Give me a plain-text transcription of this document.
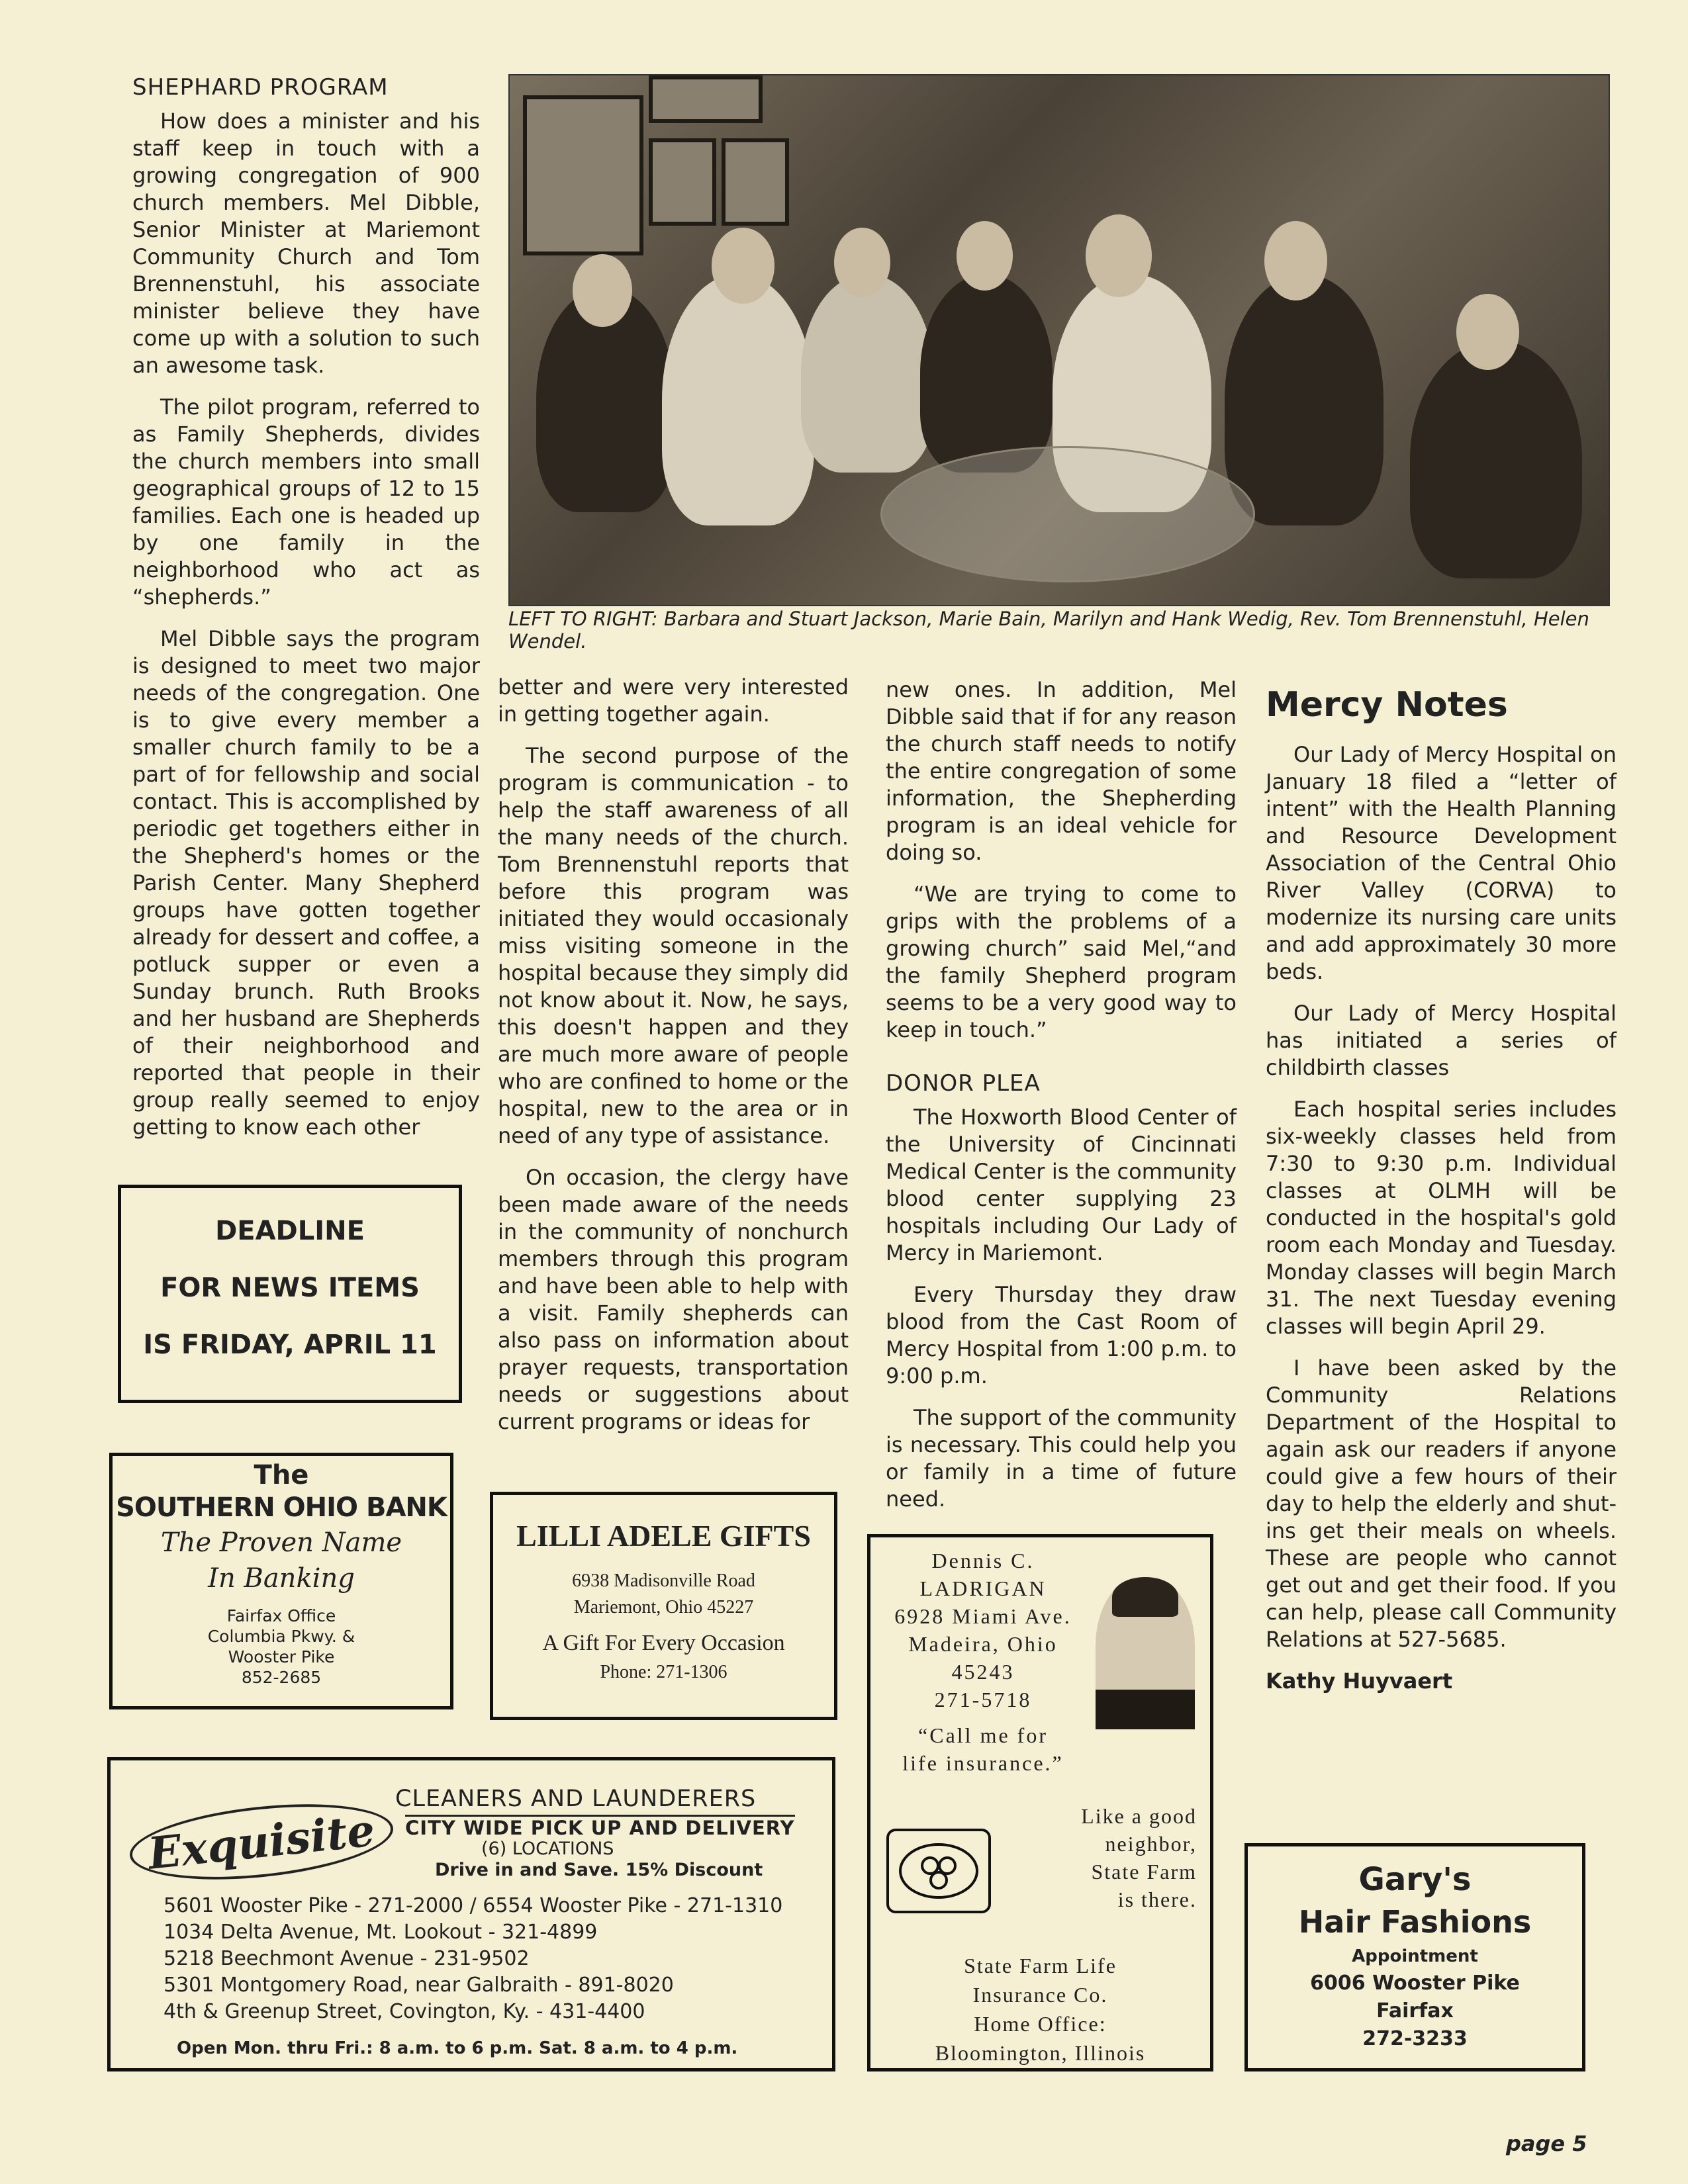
SHEPHARD PROGRAM

How does a minister and his staff keep in touch with a growing congregation of 900 church members. Mel Dibble, Senior Minister at Mariemont Community Church and Tom Brennenstuhl, his associate minister believe they have come up with a solution to such an awesome task.

The pilot program, referred to as Family Shepherds, divides the church members into small geographical groups of 12 to 15 families. Each one is headed up by one family in the neighborhood who act as “shepherds.”

Mel Dibble says the program is designed to meet two major needs of the congregation. One is to give every member a smaller church family to be a part of for fellowship and social contact. This is accomplished by periodic get togethers either in the Shepherd's homes or the Parish Center. Many Shepherd groups have gotten together already for dessert and coffee, a potluck supper or even a Sunday brunch. Ruth Brooks and her husband are Shepherds of their neighborhood and reported that people in their group really seemed to enjoy getting to know each other

LEFT TO RIGHT: Barbara and Stuart Jackson, Marie Bain, Marilyn and Hank Wedig, Rev. Tom Brennenstuhl, Helen Wendel.

better and were very interested in getting together again.

The second purpose of the program is communication - to help the staff awareness of all the many needs of the church. Tom Brennenstuhl reports that before this program was initiated they would occasionaly miss visiting someone in the hospital because they simply did not know about it. Now, he says, this doesn't happen and they are much more aware of people who are confined to home or the hospital, new to the area or in need of any type of assistance.

On occasion, the clergy have been made aware of the needs in the community of nonchurch members through this program and have been able to help with a visit. Family shepherds can also pass on information about prayer requests, transportation needs or suggestions about current programs or ideas for

new ones. In addition, Mel Dibble said that if for any reason the church staff needs to notify the entire congregation of some information, the Shepherding program is an ideal vehicle for doing so.

“We are trying to come to grips with the problems of a growing church” said Mel,“and the family Shepherd program seems to be a very good way to keep in touch.”

DONOR PLEA

The Hoxworth Blood Center of the University of Cincinnati Medical Center is the community blood center supplying 23 hospitals including Our Lady of Mercy in Mariemont.

Every Thursday they draw blood from the Cast Room of Mercy Hospital from 1:00 p.m. to 9:00 p.m.

The support of the community is necessary. This could help you or family in a time of future need.

Mercy Notes

Our Lady of Mercy Hospital on January 18 filed a “letter of intent” with the Health Planning and Resource Development Association of the Central Ohio River Valley (CORVA) to modernize its nursing care units and add approximately 30 more beds.

Our Lady of Mercy Hospital has initiated a series of childbirth classes

Each hospital series includes six-weekly classes held from 7:30 to 9:30 p.m. Individual classes at OLMH will be conducted in the hospital's gold room each Monday and Tuesday. Monday classes will begin March 31. The next Tuesday evening classes will begin April 29.

I have been asked by the Community Relations Department of the Hospital to again ask our readers if anyone could give a few hours of their day to help the elderly and shut-ins get their meals on wheels. These are people who cannot get out and get their food. If you can help, please call Community Relations at 527-5685.

Kathy Huyvaert
DEADLINE
FOR NEWS ITEMS
IS FRIDAY, APRIL 11
The
SOUTHERN OHIO BANK
The Proven Name
In Banking
Fairfax Office
Columbia Pkwy. &
Wooster Pike
852-2685
LILLI ADELE GIFTS
6938 Madisonville Road
Mariemont, Ohio 45227
A Gift For Every Occasion
Phone: 271-1306
Exquisite
CLEANERS AND LAUNDERERS
CITY WIDE PICK UP AND DELIVERY
(6) LOCATIONS
Drive in and Save. 15% Discount
5601 Wooster Pike - 271-2000 / 6554 Wooster Pike - 271-1310
1034 Delta Avenue, Mt. Lookout - 321-4899
5218 Beechmont Avenue - 231-9502
5301 Montgomery Road, near Galbraith - 891-8020
4th & Greenup Street, Covington, Ky. - 431-4400
Open Mon. thru Fri.: 8 a.m. to 6 p.m. Sat. 8 a.m. to 4 p.m.
Dennis C.
LADRIGAN
6928 Miami Ave.
Madeira, Ohio
45243
271-5718
“Call me for
life insurance.”
Like a good
neighbor,
State Farm
is there.
State Farm Life
Insurance Co.
Home Office:
Bloomington, Illinois
Gary's
Hair Fashions
Appointment
6006 Wooster Pike
Fairfax
272-3233
page 5
